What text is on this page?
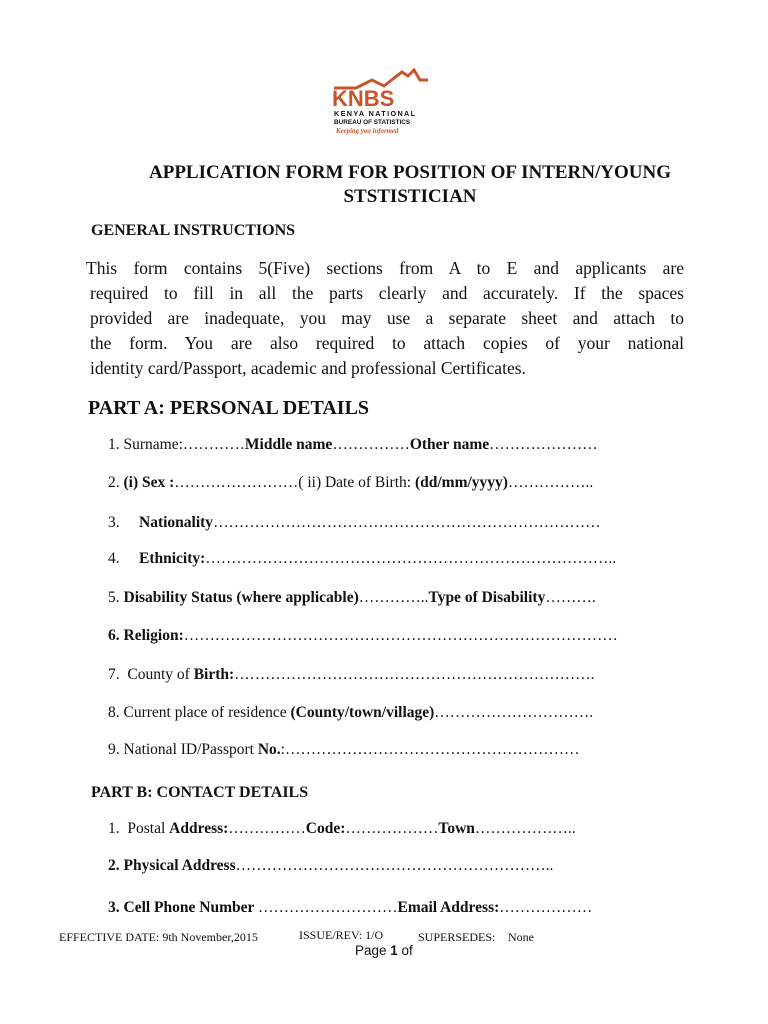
KNBS
KENYA NATIONAL
BUREAU OF STATISTICS
Keeping you informed
APPLICATION FORM FOR POSITION OF INTERN/YOUNG
STSTISTICIAN
GENERAL INSTRUCTIONS
This form contains 5(Five) sections from A to E and applicants are
required to fill in all the parts clearly and accurately. If the spaces
provided are inadequate, you may use a separate sheet and attach to
the form. You are also required to attach copies of your national
identity card/Passport, academic and professional Certificates.
PART A: PERSONAL DETAILS
1. Surname:…………Middle name……………Other name…………………
2. (i) Sex :……………………( ii) Date of Birth: (dd/mm/yyyy)……………..
3. Nationality…………………………………………………………………
4. Ethnicity:……………………………………………………………………..
5. Disability Status (where applicable)…………..Type of Disability……….
6. Religion:…………………………………………………………………………
7. County of Birth:…………………………………………………………….
8. Current place of residence (County/town/village)………………………….
9. National ID/Passport No.:…………………………………………………
PART B: CONTACT DETAILS
1. Postal Address:……………Code:………………Town………………..
2. Physical Address……………………………………………………..
3. Cell Phone Number ………………………Email Address:………………
EFFECTIVE DATE: 9th November,2015	ISSUE/REV: 1/O	SUPERSEDES: None
Page 1 of
